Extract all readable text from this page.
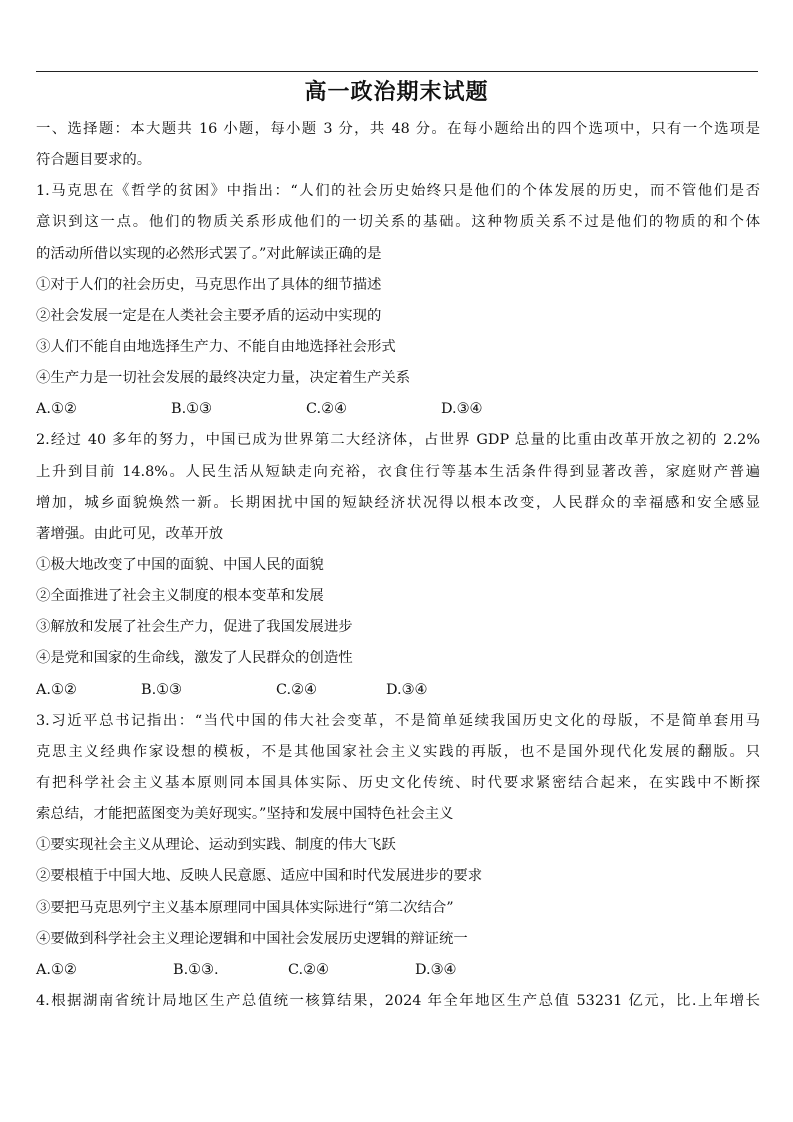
高一政治期末试题
一、选择题：本大题共 16 小题，每小题 3 分，共 48 分。在每小题给出的四个选项中，只有一个选项是
符合题目要求的。
1.马克思在《哲学的贫困》中指出：“人们的社会历史始终只是他们的个体发展的历史，而不管他们是否
意识到这一点。他们的物质关系形成他们的一切关系的基础。这种物质关系不过是他们的物质的和个体
的活动所借以实现的必然形式罢了。”对此解读正确的是
①对于人们的社会历史，马克思作出了具体的细节描述
②社会发展一定是在人类社会主要矛盾的运动中实现的
③人们不能自由地选择生产力、不能自由地选择社会形式
④生产力是一切社会发展的最终决定力量，决定着生产关系
A.①②	B.①③	C.②④	D.③④
2.经过 40 多年的努力，中国已成为世界第二大经济体，占世界 GDP 总量的比重由改革开放之初的 2.2%
上升到目前 14.8%。人民生活从短缺走向充裕，衣食住行等基本生活条件得到显著改善，家庭财产普遍
增加，城乡面貌焕然一新。长期困扰中国的短缺经济状况得以根本改变，人民群众的幸福感和安全感显
著增强。由此可见，改革开放
①极大地改变了中国的面貌、中国人民的面貌
②全面推进了社会主义制度的根本变革和发展
③解放和发展了社会生产力，促进了我国发展进步
④是党和国家的生命线，激发了人民群众的创造性
A.①②	B.①③	C.②④	D.③④
3.习近平总书记指出：“当代中国的伟大社会变革，不是简单延续我国历史文化的母版，不是简单套用马
克思主义经典作家设想的模板，不是其他国家社会主义实践的再版，也不是国外现代化发展的翻版。只
有把科学社会主义基本原则同本国具体实际、历史文化传统、时代要求紧密结合起来，在实践中不断探
索总结，才能把蓝图变为美好现实。”坚持和发展中国特色社会主义
①要实现社会主义从理论、运动到实践、制度的伟大飞跃
②要根植于中国大地、反映人民意愿、适应中国和时代发展进步的要求
③要把马克思列宁主义基本原理同中国具体实际进行“第二次结合”
④要做到科学社会主义理论逻辑和中国社会发展历史逻辑的辩证统一
A.①②	B.①③.	C.②④	D.③④
4.根据湖南省统计局地区生产总值统一核算结果，2024 年全年地区生产总值 53231 亿元，比.上年增长
